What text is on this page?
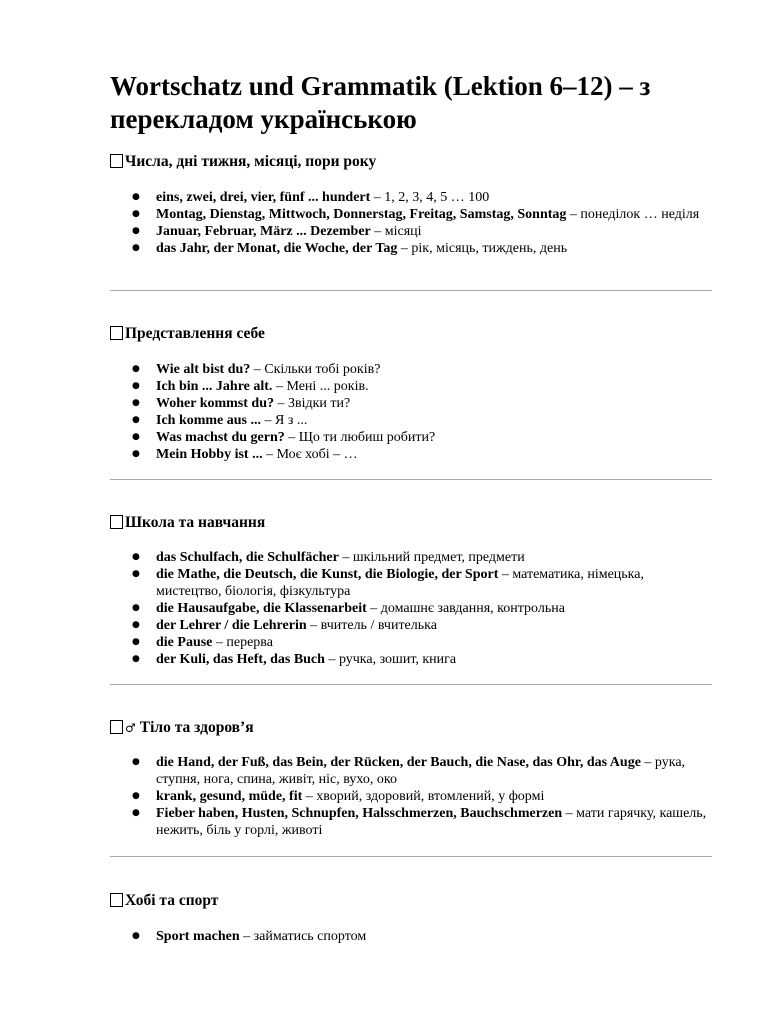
Wortschatz und Grammatik (Lektion 6–12) – з перекладом українською
Числа, дні тижня, місяці, пори року
● eins, zwei, drei, vier, fünf ... hundert – 1, 2, 3, 4, 5 … 100
● Montag, Dienstag, Mittwoch, Donnerstag, Freitag, Samstag, Sonntag – понеділок … неділя
● Januar, Februar, März ... Dezember – місяці
● das Jahr, der Monat, die Woche, der Tag – рік, місяць, тиждень, день
Представлення себе
● Wie alt bist du? – Скільки тобі років?
● Ich bin ... Jahre alt. – Мені ... років.
● Woher kommst du? – Звідки ти?
● Ich komme aus ... – Я з ...
● Was machst du gern? – Що ти любиш робити?
● Mein Hobby ist ... – Моє хобі – …
Школа та навчання
● das Schulfach, die Schulfächer – шкільний предмет, предмети
● die Mathe, die Deutsch, die Kunst, die Biologie, der Sport – математика, німецька, мистецтво, біологія, фізкультура
● die Hausaufgabe, die Klassenarbeit – домашнє завдання, контрольна
● der Lehrer / die Lehrerin – вчитель / вчителька
● die Pause – перерва
● der Kuli, das Heft, das Buch – ручка, зошит, книга
♂ Тіло та здоров’я
● die Hand, der Fuß, das Bein, der Rücken, der Bauch, die Nase, das Ohr, das Auge – рука, ступня, нога, спина, живіт, ніс, вухо, око
● krank, gesund, müde, fit – хворий, здоровий, втомлений, у формі
● Fieber haben, Husten, Schnupfen, Halsschmerzen, Bauchschmerzen – мати гарячку, кашель, нежить, біль у горлі, животі
Хобі та спорт
● Sport machen – займатись спортом
